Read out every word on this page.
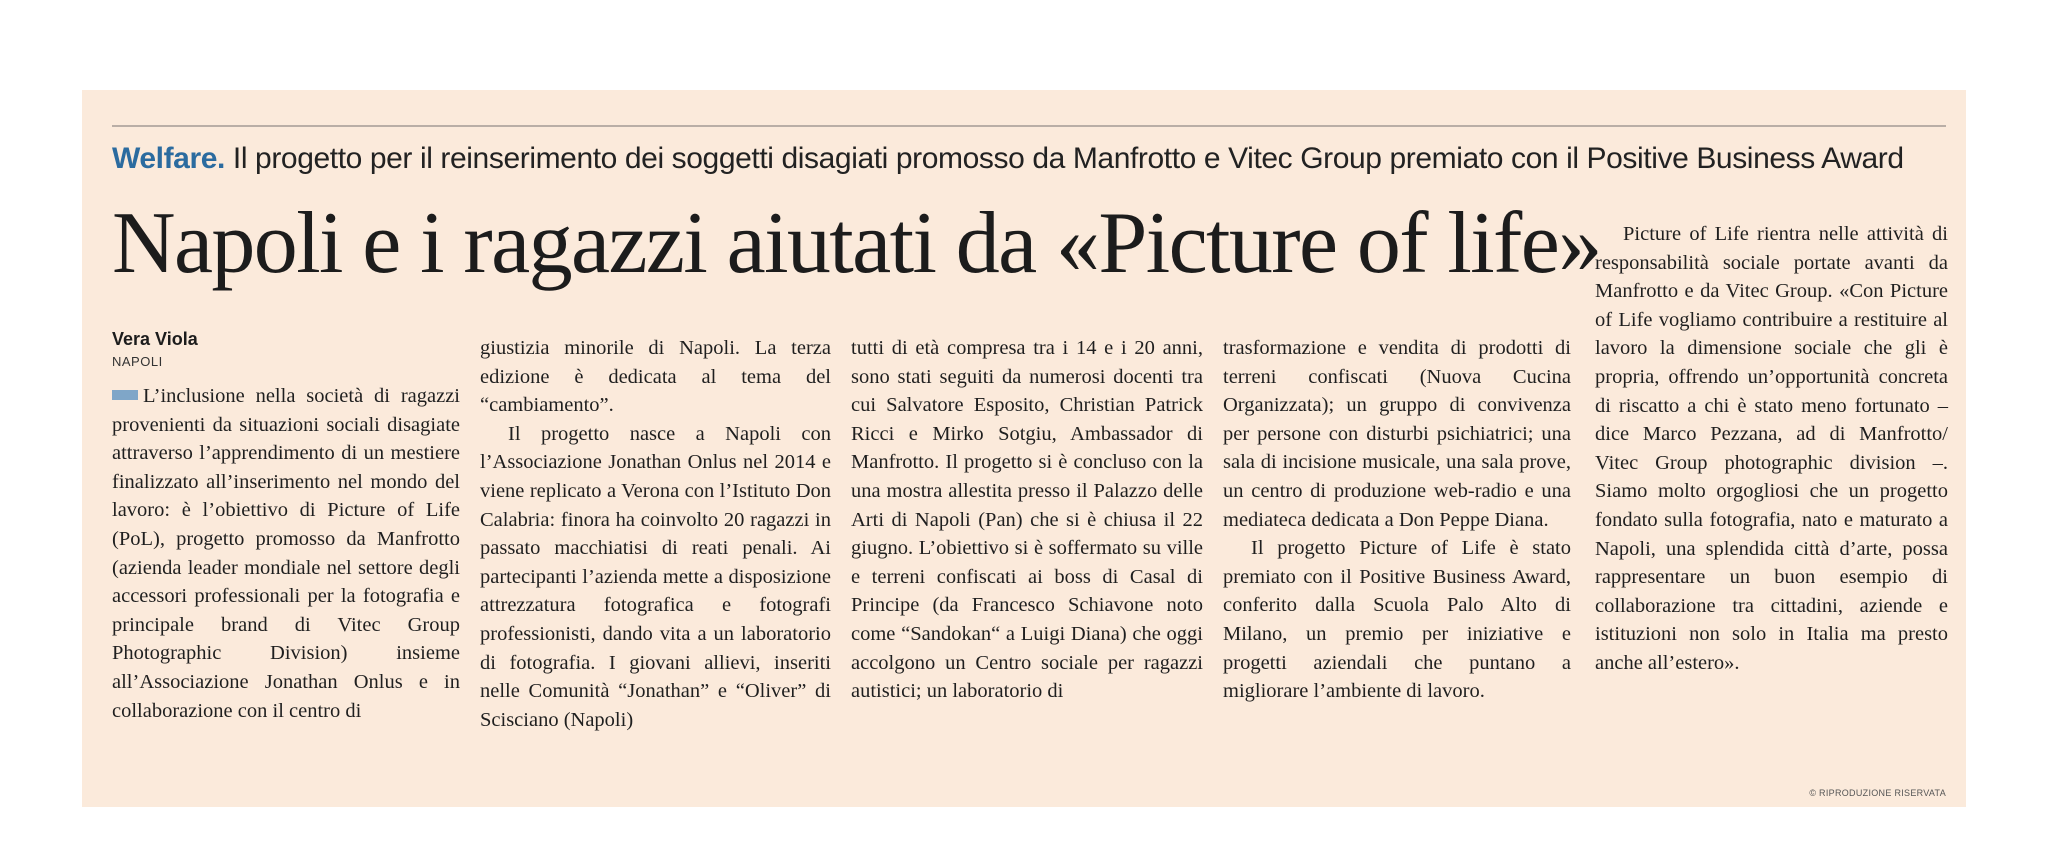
Welfare. Il progetto per il reinserimento dei soggetti disagiati promosso da Manfrotto e Vitec Group premiato con il Positive Business Award
Napoli e i ragazzi aiutati da «Picture of life»
Vera Viola
NAPOLI

L’inclusione nella società di ragazzi provenienti da situazioni sociali disagiate attraverso l’apprendimento di un mestiere finalizzato all’inserimento nel mondo del lavoro: è l’obiettivo di Picture of Life (PoL), progetto promosso da Manfrotto (azienda leader mondiale nel settore degli accessori professionali per la fotografia e principale brand di Vitec Group Photographic Division) insieme all’Associazione Jonathan Onlus e in collaborazione con il centro di

giustizia minorile di Napoli. La terza edizione è dedicata al tema del “cambiamento”.

Il progetto nasce a Napoli con l’Associazione Jonathan Onlus nel 2014 e viene replicato a Verona con l’Istituto Don Calabria: finora ha coinvolto 20 ragazzi in passato macchiatisi di reati penali. Ai partecipanti l’azienda mette a disposizione attrezzatura fotografica e fotografi professionisti, dando vita a un laboratorio di fotografia. I giovani allievi, inseriti nelle Comunità “Jonathan” e “Oliver” di Scisciano (Napoli)

tutti di età compresa tra i 14 e i 20 anni, sono stati seguiti da numerosi docenti tra cui Salvatore Esposito, Christian Patrick Ricci e Mirko Sotgiu, Ambassador di Manfrotto. Il progetto si è concluso con la una mostra allestita presso il Palazzo delle Arti di Napoli (Pan) che si è chiusa il 22 giugno. L’obiettivo si è soffermato su ville e terreni confiscati ai boss di Casal di Principe (da Francesco Schiavone noto come “Sandokan“ a Luigi Diana) che oggi accolgono un Centro sociale per ragazzi autistici; un laboratorio di

trasformazione e vendita di prodotti di terreni confiscati (Nuova Cucina Organizzata); un gruppo di convivenza per persone con disturbi psichiatrici; una sala di incisione musicale, una sala prove, un centro di produzione web-radio e una mediateca dedicata a Don Peppe Diana.

Il progetto Picture of Life è stato premiato con il Positive Business Award, conferito dalla Scuola Palo Alto di Milano, un premio per iniziative e progetti aziendali che puntano a migliorare l’ambiente di lavoro.

Picture of Life rientra nelle attività di responsabilità sociale portate avanti da Manfrotto e da Vitec Group. «Con Picture of Life vogliamo contribuire a restituire al lavoro la dimensione sociale che gli è propria, offrendo un’opportunità concreta di riscatto a chi è stato meno fortunato – dice Marco Pezzana, ad di Manfrotto/ Vitec Group photographic division –. Siamo molto orgogliosi che un progetto fondato sulla fotografia, nato e maturato a Napoli, una splendida città d’arte, possa rappresentare un buon esempio di collaborazione tra cittadini, aziende e istituzioni non solo in Italia ma presto anche all’estero».

© RIPRODUZIONE RISERVATA
